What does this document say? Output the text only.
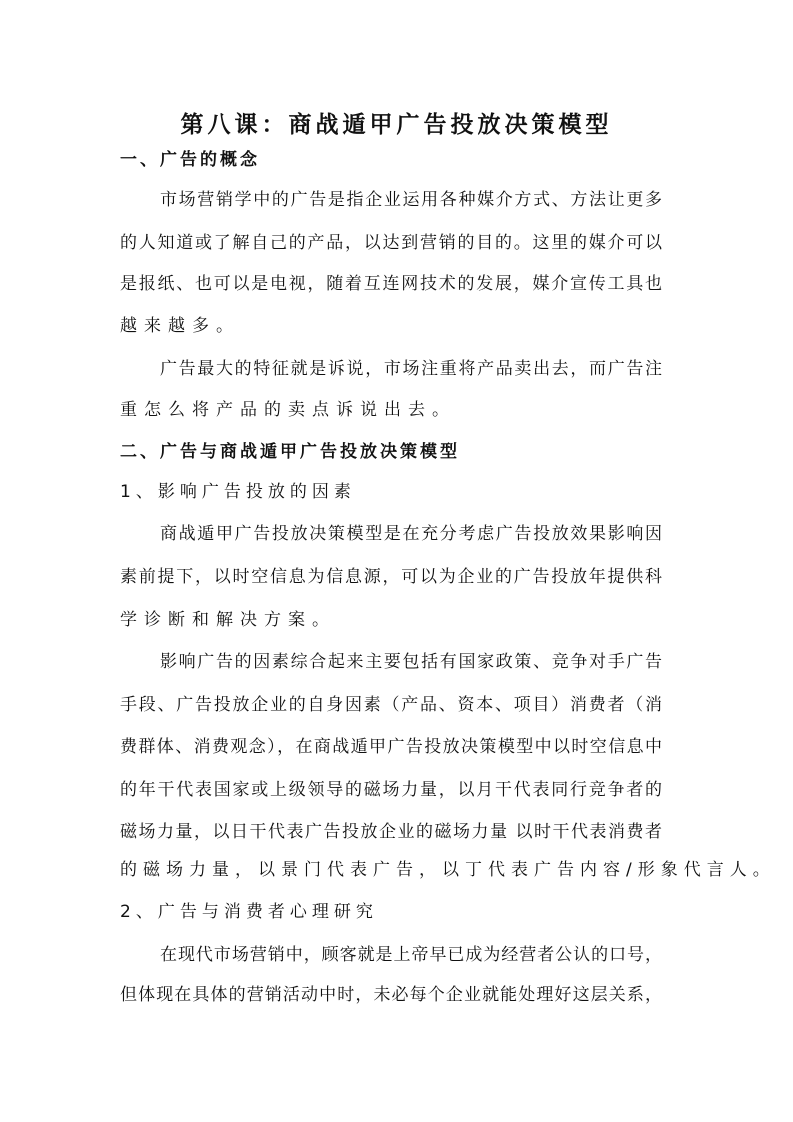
第八课：商战遁甲广告投放决策模型
一、广告的概念
市场营销学中的广告是指企业运用各种媒介方式、方法让更多
的人知道或了解自己的产品，以达到营销的目的。这里的媒介可以
是报纸、也可以是电视，随着互连网技术的发展，媒介宣传工具也
越来越多。
广告最大的特征就是诉说，市场注重将产品卖出去，而广告注
重怎么将产品的卖点诉说出去。
二、广告与商战遁甲广告投放决策模型
1、影响广告投放的因素
商战遁甲广告投放决策模型是在充分考虑广告投放效果影响因
素前提下，以时空信息为信息源，可以为企业的广告投放年提供科
学诊断和解决方案。
影响广告的因素综合起来主要包括有国家政策、竞争对手广告
手段、广告投放企业的自身因素（产品、资本、项目）消费者（消
费群体、消费观念），在商战遁甲广告投放决策模型中以时空信息中
的年干代表国家或上级领导的磁场力量，以月干代表同行竞争者的
磁场力量，以日干代表广告投放企业的磁场力量 以时干代表消费者
的磁场力量，以景门代表广告，以丁代表广告内容/形象代言人。
2、广告与消费者心理研究
在现代市场营销中，顾客就是上帝早已成为经营者公认的口号，
但体现在具体的营销活动中时，未必每个企业就能处理好这层关系，
